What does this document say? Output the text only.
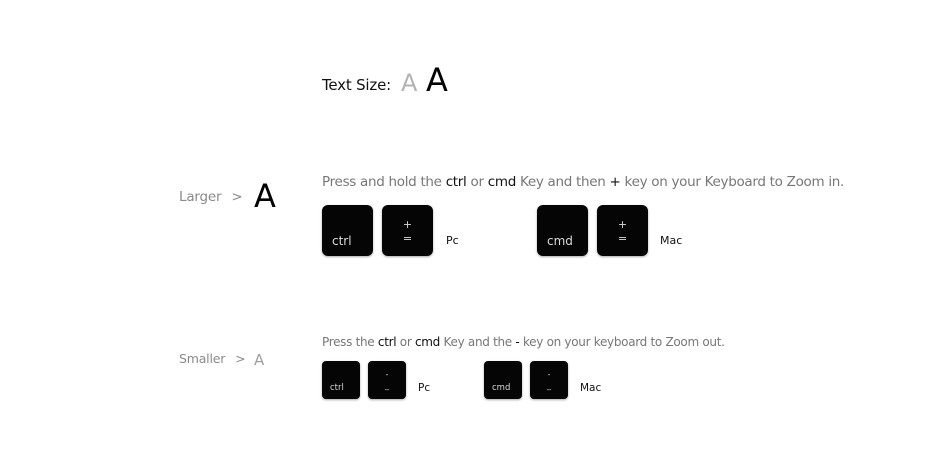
Text Size: A A
Larger > A	Press and hold the ctrl or cmd Key and then + key on your Keyboard to Zoom in.
ctrl
+
=	Pc	cmd
+
=	Mac
Smaller > A
Press the ctrl or cmd Key and the - key on your keyboard to Zoom out.
ctrl
-
_	Pc	cmd
-
_	Mac
